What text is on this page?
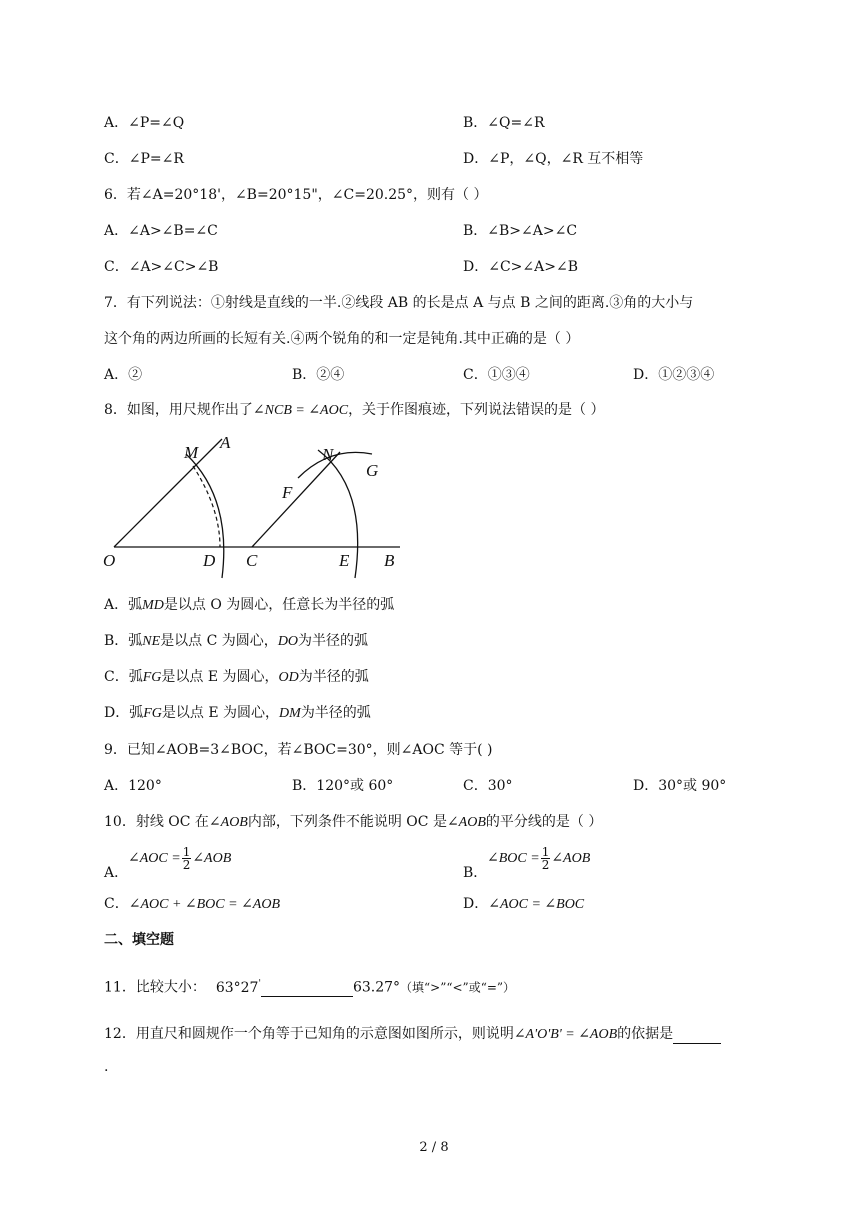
A．∠P=∠Q	B．∠Q=∠R
C．∠P=∠R	D．∠P，∠Q，∠R 互不相等
6．若∠A=20°18'，∠B=20°15"，∠C=20.25°，则有（ ）
A．∠A>∠B=∠C	B．∠B>∠A>∠C
C．∠A>∠C>∠B	D．∠C>∠A>∠B
7．有下列说法：①射线是直线的一半.②线段 AB 的长是点 A 与点 B 之间的距离.③角的大小与
这个角的两边所画的长短有关.④两个锐角的和一定是钝角.其中正确的是（ ）
A．②	B．②④	C．①③④	D．①②③④
8．如图，用尺规作出了∠NCB = ∠AOC，关于作图痕迹，下列说法错误的是（ ）
M
A
N
G
F
O	D C	E B
A．弧MD是以点 O 为圆心，任意长为半径的弧
B．弧NE是以点 C 为圆心，DO为半径的弧
C．弧FG是以点 E 为圆心，OD为半径的弧
D．弧FG是以点 E 为圆心，DM为半径的弧
9．已知∠AOB=3∠BOC，若∠BOC=30°，则∠AOC 等于( )
A．120°	B．120°或 60°	C．30°	D．30°或 90°
10．射线 OC 在∠AOB内部，下列条件不能说明 OC 是∠AOB的平分线的是（ ）
A．
∠AOC = $\frac{1}{2}$ ∠AOB
B．
∠BOC = $\frac{1}{2}$ ∠AOB
C．∠AOC + ∠BOC = ∠AOB	D．∠AOC = ∠BOC
二、填空题
11．比较大小： 63°27'	63.27°（填“>”“<”或“=”）
12．用直尺和圆规作一个角等于已知角的示意图如图所示，则说明∠A'O'B' = ∠AOB的依据是
.
2 / 8
